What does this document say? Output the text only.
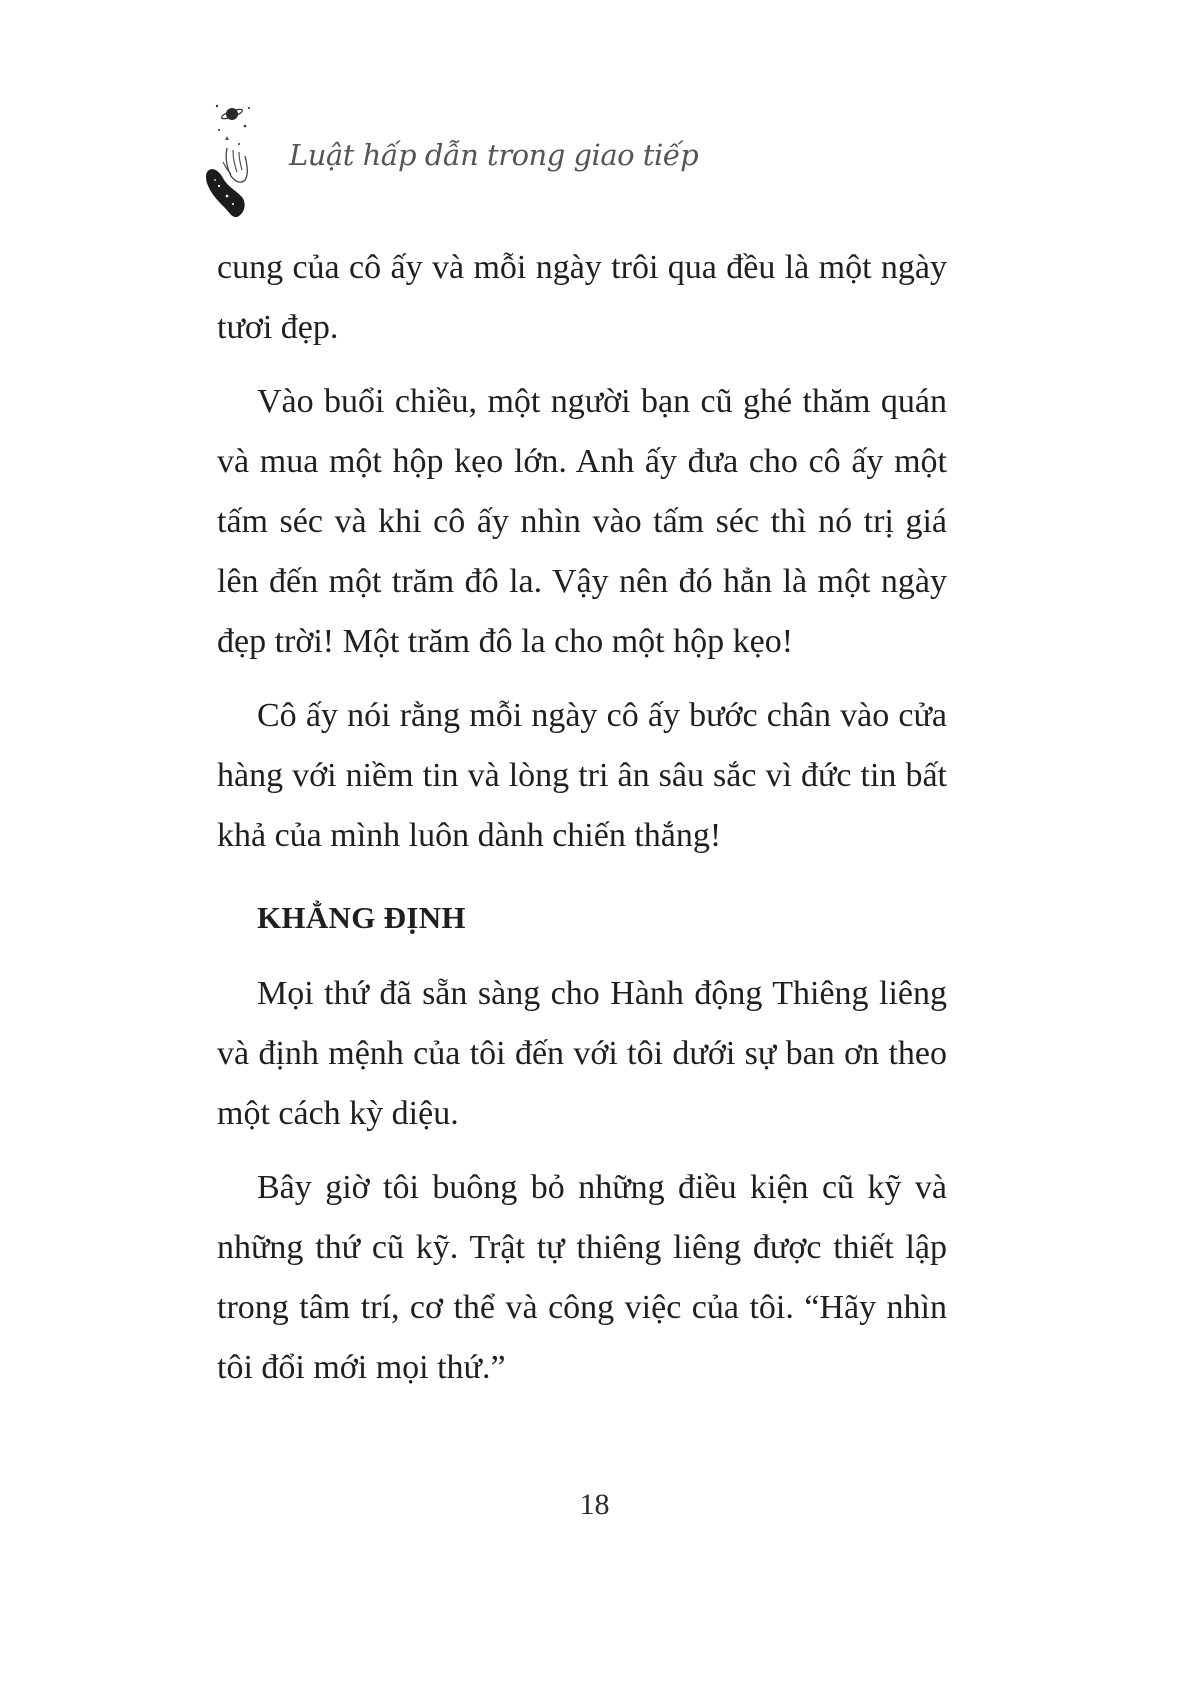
Luật hấp dẫn trong giao tiếp

cung của cô ấy và mỗi ngày trôi qua đều là một ngày tươi đẹp.

Vào buổi chiều, một người bạn cũ ghé thăm quán và mua một hộp kẹo lớn. Anh ấy đưa cho cô ấy một tấm séc và khi cô ấy nhìn vào tấm séc thì nó trị giá lên đến một trăm đô la. Vậy nên đó hẳn là một ngày đẹp trời! Một trăm đô la cho một hộp kẹo!

Cô ấy nói rằng mỗi ngày cô ấy bước chân vào cửa hàng với niềm tin và lòng tri ân sâu sắc vì đức tin bất khả của mình luôn dành chiến thắng!

KHẲNG ĐỊNH

Mọi thứ đã sẵn sàng cho Hành động Thiêng liêng và định mệnh của tôi đến với tôi dưới sự ban ơn theo một cách kỳ diệu.

Bây giờ tôi buông bỏ những điều kiện cũ kỹ và những thứ cũ kỹ. Trật tự thiêng liêng được thiết lập trong tâm trí, cơ thể và công việc của tôi. “Hãy nhìn tôi đổi mới mọi thứ.”

18
